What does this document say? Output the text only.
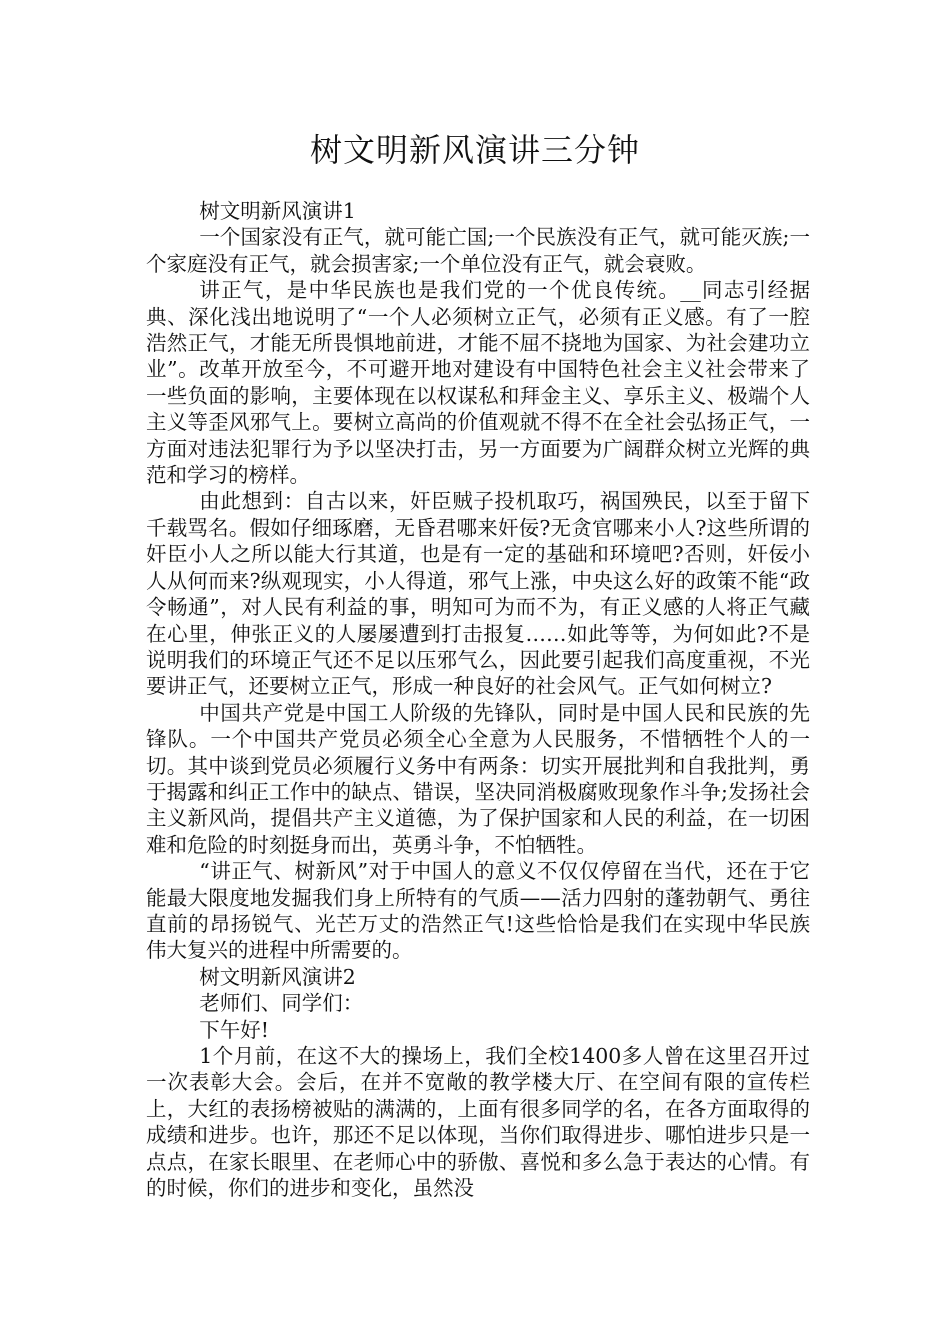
树文明新风演讲三分钟

树文明新风演讲1

一个国家没有正气，就可能亡国;一个民族没有正气，就可能灭族;一个家庭没有正气，就会损害家;一个单位没有正气，就会衰败。

讲正气，是中华民族也是我们党的一个优良传统。__同志引经据典、深化浅出地说明了“一个人必须树立正气，必须有正义感。有了一腔浩然正气，才能无所畏惧地前进，才能不屈不挠地为国家、为社会建功立业”。改革开放至今，不可避开地对建设有中国特色社会主义社会带来了一些负面的影响，主要体现在以权谋私和拜金主义、享乐主义、极端个人主义等歪风邪气上。要树立高尚的价值观就不得不在全社会弘扬正气，一方面对违法犯罪行为予以坚决打击，另一方面要为广阔群众树立光辉的典范和学习的榜样。

由此想到：自古以来，奸臣贼子投机取巧，祸国殃民，以至于留下千载骂名。假如仔细琢磨，无昏君哪来奸佞?无贪官哪来小人?这些所谓的奸臣小人之所以能大行其道，也是有一定的基础和环境吧?否则，奸佞小人从何而来?纵观现实，小人得道，邪气上涨，中央这么好的政策不能“政令畅通”，对人民有利益的事，明知可为而不为，有正义感的人将正气藏在心里，伸张正义的人屡屡遭到打击报复……如此等等，为何如此?不是说明我们的环境正气还不足以压邪气么，因此要引起我们高度重视，不光要讲正气，还要树立正气，形成一种良好的社会风气。正气如何树立?

中国共产党是中国工人阶级的先锋队，同时是中国人民和民族的先锋队。一个中国共产党员必须全心全意为人民服务，不惜牺牲个人的一切。其中谈到党员必须履行义务中有两条：切实开展批判和自我批判，勇于揭露和纠正工作中的缺点、错误，坚决同消极腐败现象作斗争;发扬社会主义新风尚，提倡共产主义道德，为了保护国家和人民的利益，在一切困难和危险的时刻挺身而出，英勇斗争，不怕牺牲。

“讲正气、树新风”对于中国人的意义不仅仅停留在当代，还在于它能最大限度地发掘我们身上所特有的气质——活力四射的蓬勃朝气、勇往直前的昂扬锐气、光芒万丈的浩然正气!这些恰恰是我们在实现中华民族伟大复兴的进程中所需要的。

树文明新风演讲2

老师们、同学们：

下午好!

1个月前，在这不大的操场上，我们全校1400多人曾在这里召开过一次表彰大会。会后，在并不宽敞的教学楼大厅、在空间有限的宣传栏上，大红的表扬榜被贴的满满的，上面有很多同学的名，在各方面取得的成绩和进步。也许，那还不足以体现，当你们取得进步、哪怕进步只是一点点，在家长眼里、在老师心中的骄傲、喜悦和多么急于表达的心情。有的时候，你们的进步和变化，虽然没
